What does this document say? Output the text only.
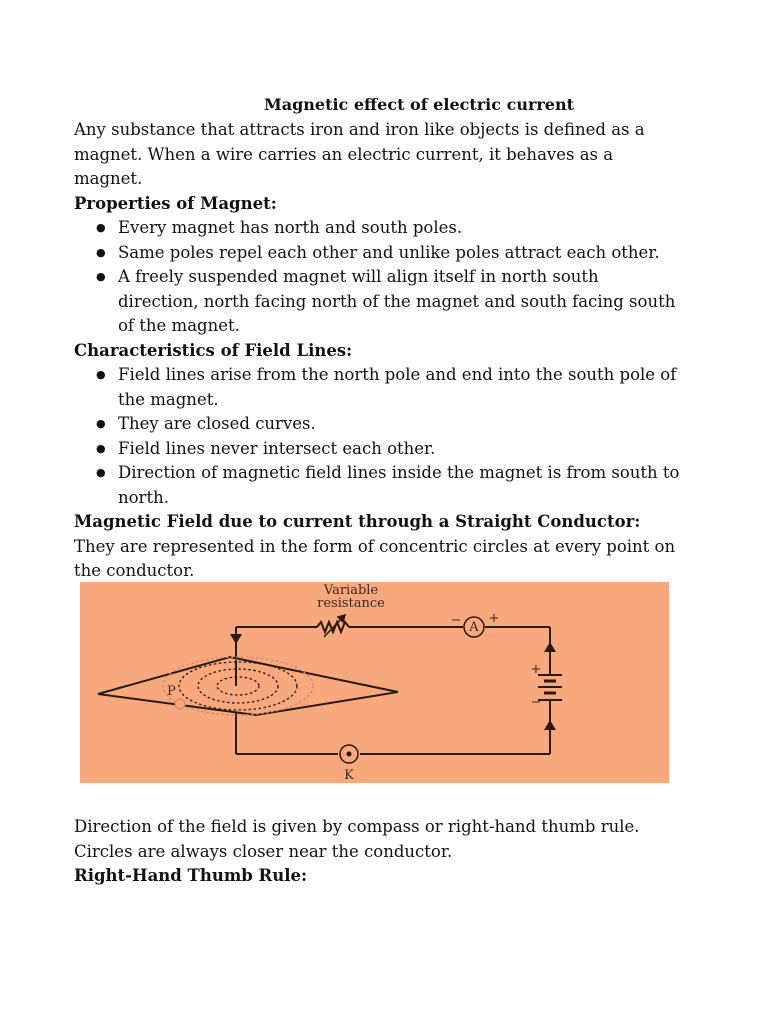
Magnetic effect of electric current

Any substance that attracts iron and iron like objects is defined as a magnet. When a wire carries an electric current, it behaves as a magnet.

Properties of Magnet:

● Every magnet has north and south poles.
● Same poles repel each other and unlike poles attract each other.
● A freely suspended magnet will align itself in north south direction, north facing north of the magnet and south facing south of the magnet.

Characteristics of Field Lines:

● Field lines arise from the north pole and end into the south pole of the magnet.
● They are closed curves.
● Field lines never intersect each other.
● Direction of magnetic field lines inside the magnet is from south to north.

Magnetic Field due to current through a Straight Conductor:

They are represented in the form of concentric circles at every point on the conductor.

Variable
resistance
A
− +
+
−
K
P

Direction of the field is given by compass or right-hand thumb rule.

Circles are always closer near the conductor.

Right-Hand Thumb Rule:
